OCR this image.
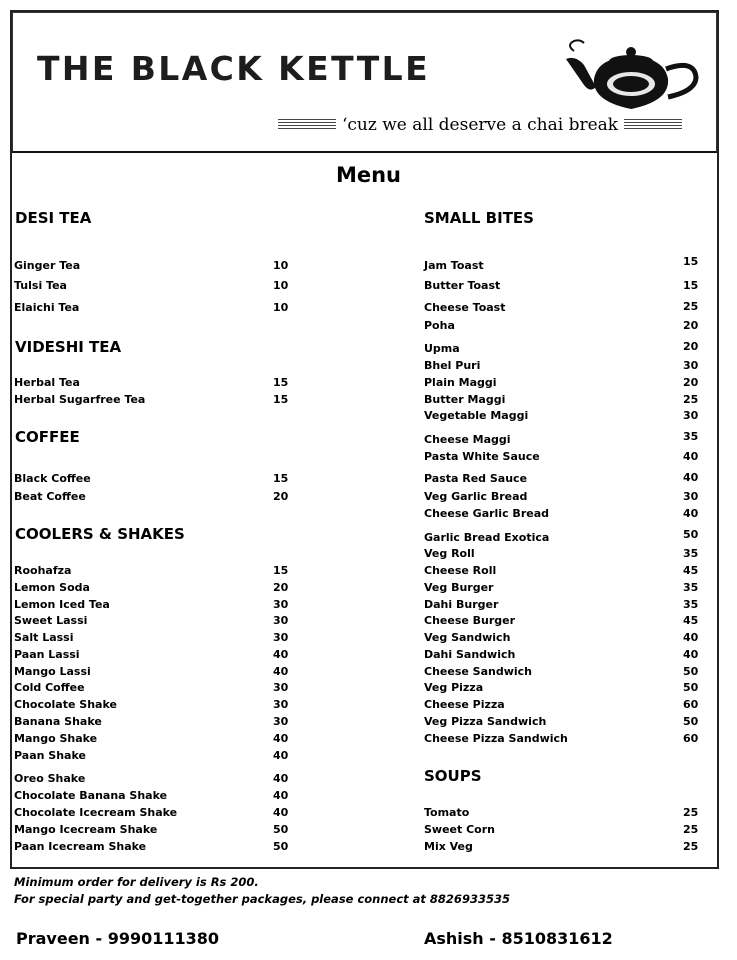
THE BLACK KETTLE
‘cuz we all deserve a chai break
Menu
DESI TEA
Ginger Tea	10
Tulsi Tea	10
Elaichi Tea	10
VIDESHI TEA
Herbal Tea	15
Herbal Sugarfree Tea	15
COFFEE
Black Coffee	15
Beat Coffee	20
COOLERS & SHAKES
Roohafza	15
Lemon Soda	20
Lemon Iced Tea	30
Sweet Lassi	30
Salt Lassi	30
Paan Lassi	40
Mango Lassi	40
Cold Coffee	30
Chocolate Shake	30
Banana Shake	30
Mango Shake	40
Paan Shake	40
Oreo Shake	40
Chocolate Banana Shake	40
Chocolate Icecream Shake	40
Mango Icecream Shake	50
Paan Icecream Shake	50
SMALL BITES
Jam Toast	15
Butter Toast	15
Cheese Toast	25
Poha	20
Upma	20
Bhel Puri	30
Plain Maggi	20
Butter Maggi	25
Vegetable Maggi	30
Cheese Maggi	35
Pasta White Sauce	40
Pasta Red Sauce	40
Veg Garlic Bread	30
Cheese Garlic Bread	40
Garlic Bread Exotica	50
Veg Roll	35
Cheese Roll	45
Veg Burger	35
Dahi Burger	35
Cheese Burger	45
Veg Sandwich	40
Dahi Sandwich	40
Cheese Sandwich	50
Veg Pizza	50
Cheese Pizza	60
Veg Pizza Sandwich	50
Cheese Pizza Sandwich	60
SOUPS
Tomato	25
Sweet Corn	25
Mix Veg	25
Minimum order for delivery is Rs 200.
For special party and get-together packages, please connect at 8826933535
Praveen - 9990111380	Ashish - 8510831612
